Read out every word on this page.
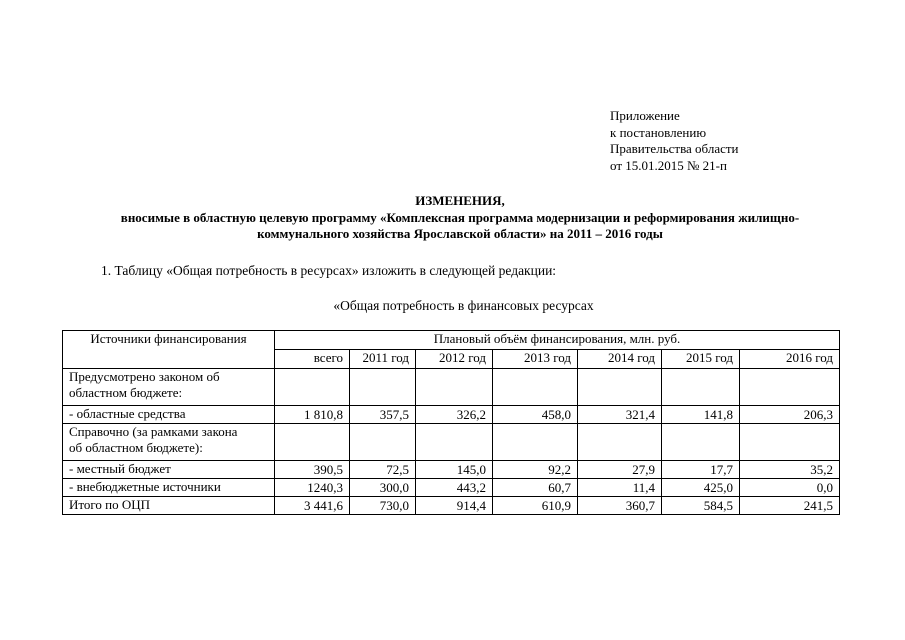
Приложение
к постановлению
Правительства области
от 15.01.2015 № 21-п
ИЗМЕНЕНИЯ,
вносимые в областную целевую программу «Комплексная программа модернизации и реформирования жилищно-
коммунального хозяйства Ярославской области» на 2011 – 2016 годы
1. Таблицу «Общая потребность в ресурсах» изложить в следующей редакции:
«Общая потребность в финансовых ресурсах
Источники финансирования	Плановый объём финансирования, млн. руб.						
	всего	2011 год	2012 год	2013 год	2014 год	2015 год	2016 год

Предусмотрено законом об
областном бюджете:							

- областные средства	1 810,8	357,5	326,2	458,0	321,4	141,8	206,3

Справочно (за рамками закона
об областном бюджете):							

- местный бюджет	390,5	72,5	145,0	92,2	27,9	17,7	35,2
- внебюджетные источники	1240,3	300,0	443,2	60,7	11,4	425,0	0,0
Итого по ОЦП	3 441,6	730,0	914,4	610,9	360,7	584,5	241,5
